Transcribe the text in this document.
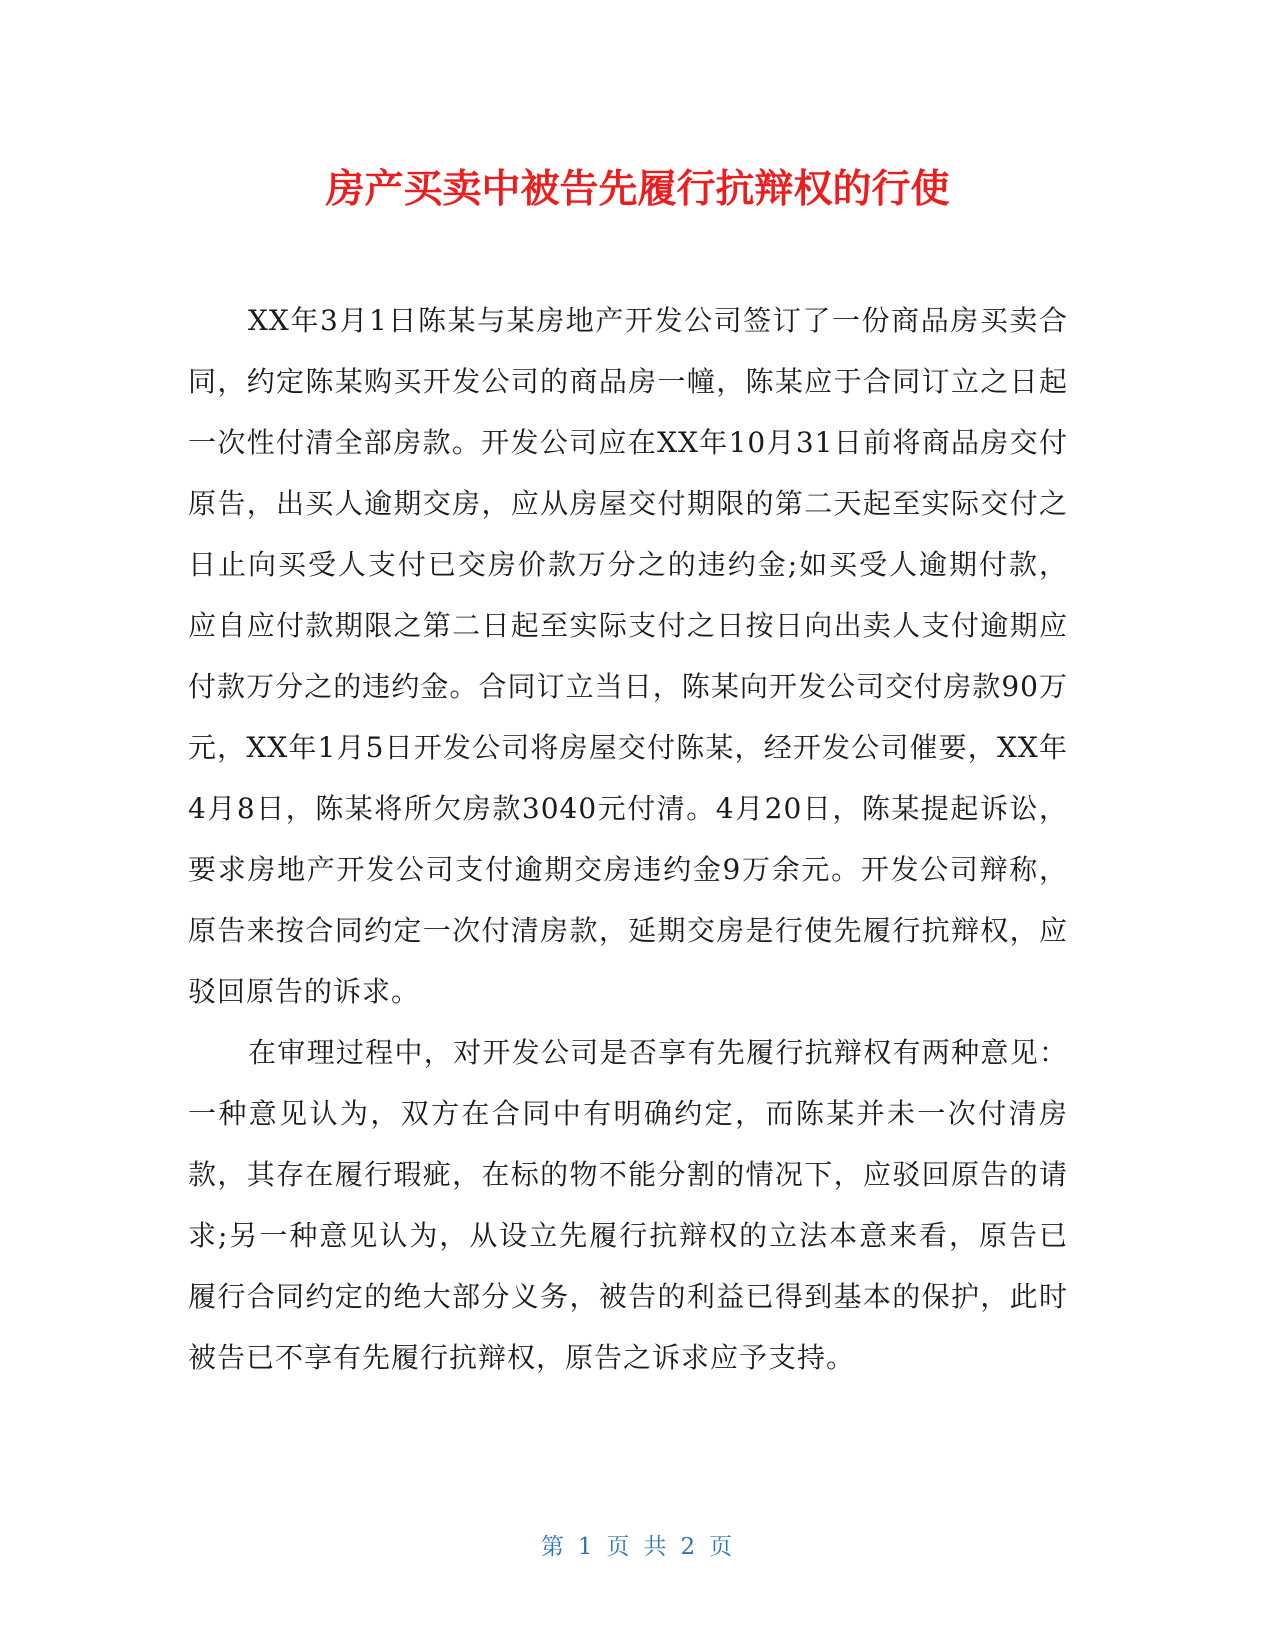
房产买卖中被告先履行抗辩权的行使

XX年3月1日陈某与某房地产开发公司签订了一份商品房买卖合同，约定陈某购买开发公司的商品房一幢，陈某应于合同订立之日起一次性付清全部房款。开发公司应在XX年10月31日前将商品房交付原告，出买人逾期交房，应从房屋交付期限的第二天起至实际交付之日止向买受人支付已交房价款万分之的违约金;如买受人逾期付款，应自应付款期限之第二日起至实际支付之日按日向出卖人支付逾期应付款万分之的违约金。合同订立当日，陈某向开发公司交付房款90万元，XX年1月5日开发公司将房屋交付陈某，经开发公司催要，XX年4月8日，陈某将所欠房款3040元付清。4月20日，陈某提起诉讼，要求房地产开发公司支付逾期交房违约金9万余元。开发公司辩称，原告来按合同约定一次付清房款，延期交房是行使先履行抗辩权，应驳回原告的诉求。

在审理过程中，对开发公司是否享有先履行抗辩权有两种意见：一种意见认为，双方在合同中有明确约定，而陈某并未一次付清房款，其存在履行瑕疵，在标的物不能分割的情况下，应驳回原告的请求;另一种意见认为，从设立先履行抗辩权的立法本意来看，原告已履行合同约定的绝大部分义务，被告的利益已得到基本的保护，此时被告已不享有先履行抗辩权，原告之诉求应予支持。

第 1 页 共 2 页
